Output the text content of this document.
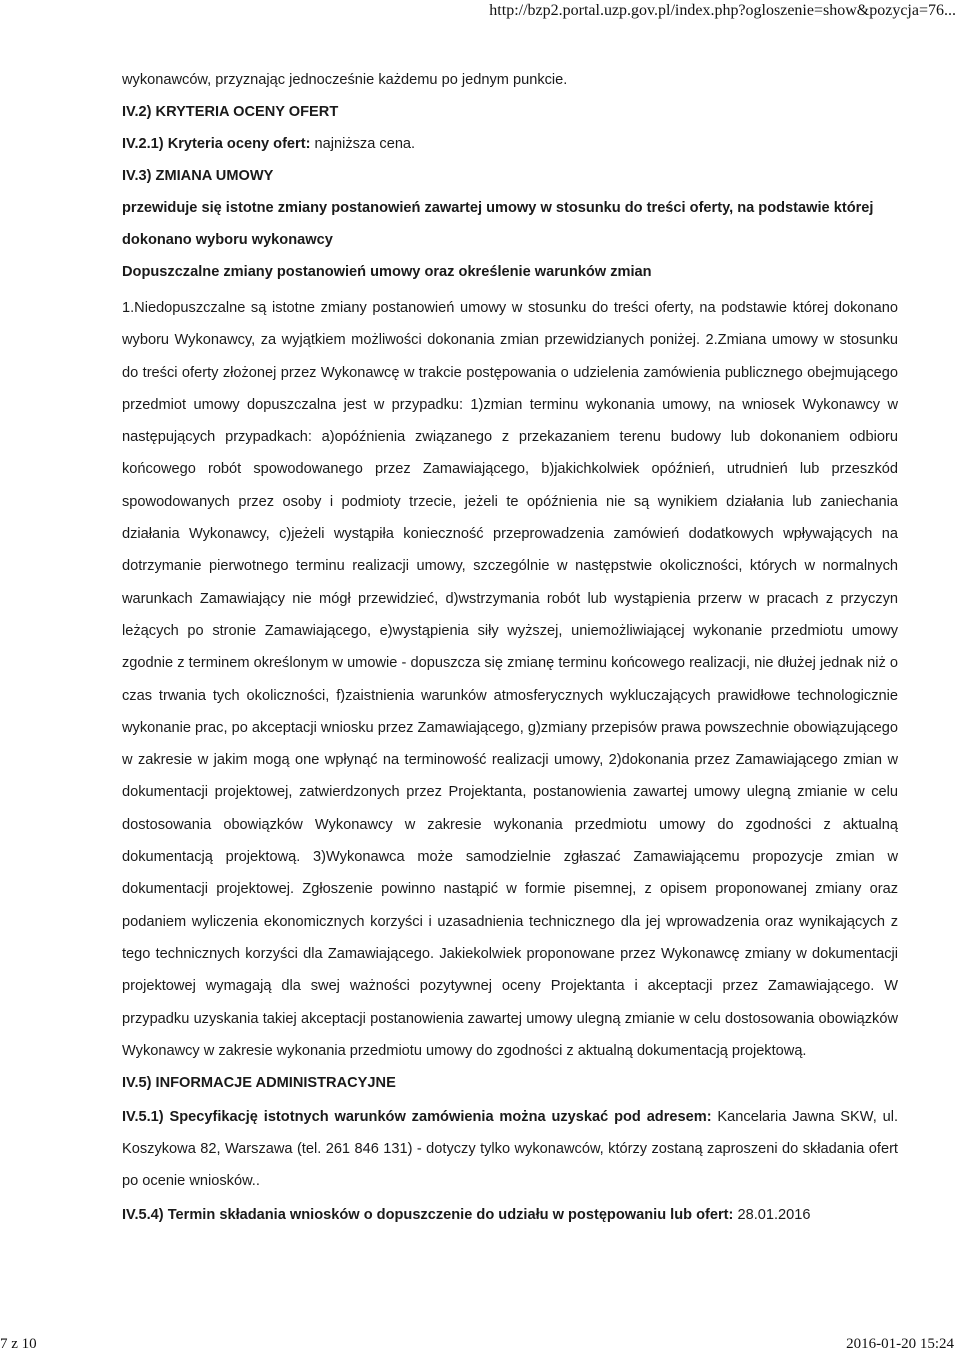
http://bzp2.portal.uzp.gov.pl/index.php?ogloszenie=show&pozycja=76...

wykonawców, przyznając jednocześnie każdemu po jednym punkcie.

IV.2) KRYTERIA OCENY OFERT

IV.2.1) Kryteria oceny ofert: najniższa cena.

IV.3) ZMIANA UMOWY

przewiduje się istotne zmiany postanowień zawartej umowy w stosunku do treści oferty, na podstawie której dokonano wyboru wykonawcy

Dopuszczalne zmiany postanowień umowy oraz określenie warunków zmian

1.Niedopuszczalne są istotne zmiany postanowień umowy w stosunku do treści oferty, na podstawie której dokonano wyboru Wykonawcy, za wyjątkiem możliwości dokonania zmian przewidzianych poniżej. 2.Zmiana umowy w stosunku do treści oferty złożonej przez Wykonawcę w trakcie postępowania o udzielenia zamówienia publicznego obejmującego przedmiot umowy dopuszczalna jest w przypadku: 1)zmian terminu wykonania umowy, na wniosek Wykonawcy w następujących przypadkach: a)opóźnienia związanego z przekazaniem terenu budowy lub dokonaniem odbioru końcowego robót spowodowanego przez Zamawiającego, b)jakichkolwiek opóźnień, utrudnień lub przeszkód spowodowanych przez osoby i podmioty trzecie, jeżeli te opóźnienia nie są wynikiem działania lub zaniechania działania Wykonawcy, c)jeżeli wystąpiła konieczność przeprowadzenia zamówień dodatkowych wpływających na dotrzymanie pierwotnego terminu realizacji umowy, szczególnie w następstwie okoliczności, których w normalnych warunkach Zamawiający nie mógł przewidzieć, d)wstrzymania robót lub wystąpienia przerw w pracach z przyczyn leżących po stronie Zamawiającego, e)wystąpienia siły wyższej, uniemożliwiającej wykonanie przedmiotu umowy zgodnie z terminem określonym w umowie - dopuszcza się zmianę terminu końcowego realizacji, nie dłużej jednak niż o czas trwania tych okoliczności, f)zaistnienia warunków atmosferycznych wykluczających prawidłowe technologicznie wykonanie prac, po akceptacji wniosku przez Zamawiającego, g)zmiany przepisów prawa powszechnie obowiązującego w zakresie w jakim mogą one wpłynąć na terminowość realizacji umowy, 2)dokonania przez Zamawiającego zmian w dokumentacji projektowej, zatwierdzonych przez Projektanta, postanowienia zawartej umowy ulegną zmianie w celu dostosowania obowiązków Wykonawcy w zakresie wykonania przedmiotu umowy do zgodności z aktualną dokumentacją projektową. 3)Wykonawca może samodzielnie zgłaszać Zamawiającemu propozycje zmian w dokumentacji projektowej. Zgłoszenie powinno nastąpić w formie pisemnej, z opisem proponowanej zmiany oraz podaniem wyliczenia ekonomicznych korzyści i uzasadnienia technicznego dla jej wprowadzenia oraz wynikających z tego technicznych korzyści dla Zamawiającego. Jakiekolwiek proponowane przez Wykonawcę zmiany w dokumentacji projektowej wymagają dla swej ważności pozytywnej oceny Projektanta i akceptacji przez Zamawiającego. W przypadku uzyskania takiej akceptacji postanowienia zawartej umowy ulegną zmianie w celu dostosowania obowiązków Wykonawcy w zakresie wykonania przedmiotu umowy do zgodności z aktualną dokumentacją projektową.

IV.5) INFORMACJE ADMINISTRACYJNE

IV.5.1) Specyfikację istotnych warunków zamówienia można uzyskać pod adresem: Kancelaria Jawna SKW, ul. Koszykowa 82, Warszawa (tel. 261 846 131) - dotyczy tylko wykonawców, którzy zostaną zaproszeni do składania ofert po ocenie wniosków..

IV.5.4) Termin składania wniosków o dopuszczenie do udziału w postępowaniu lub ofert: 28.01.2016

7 z 10	2016-01-20 15:24
